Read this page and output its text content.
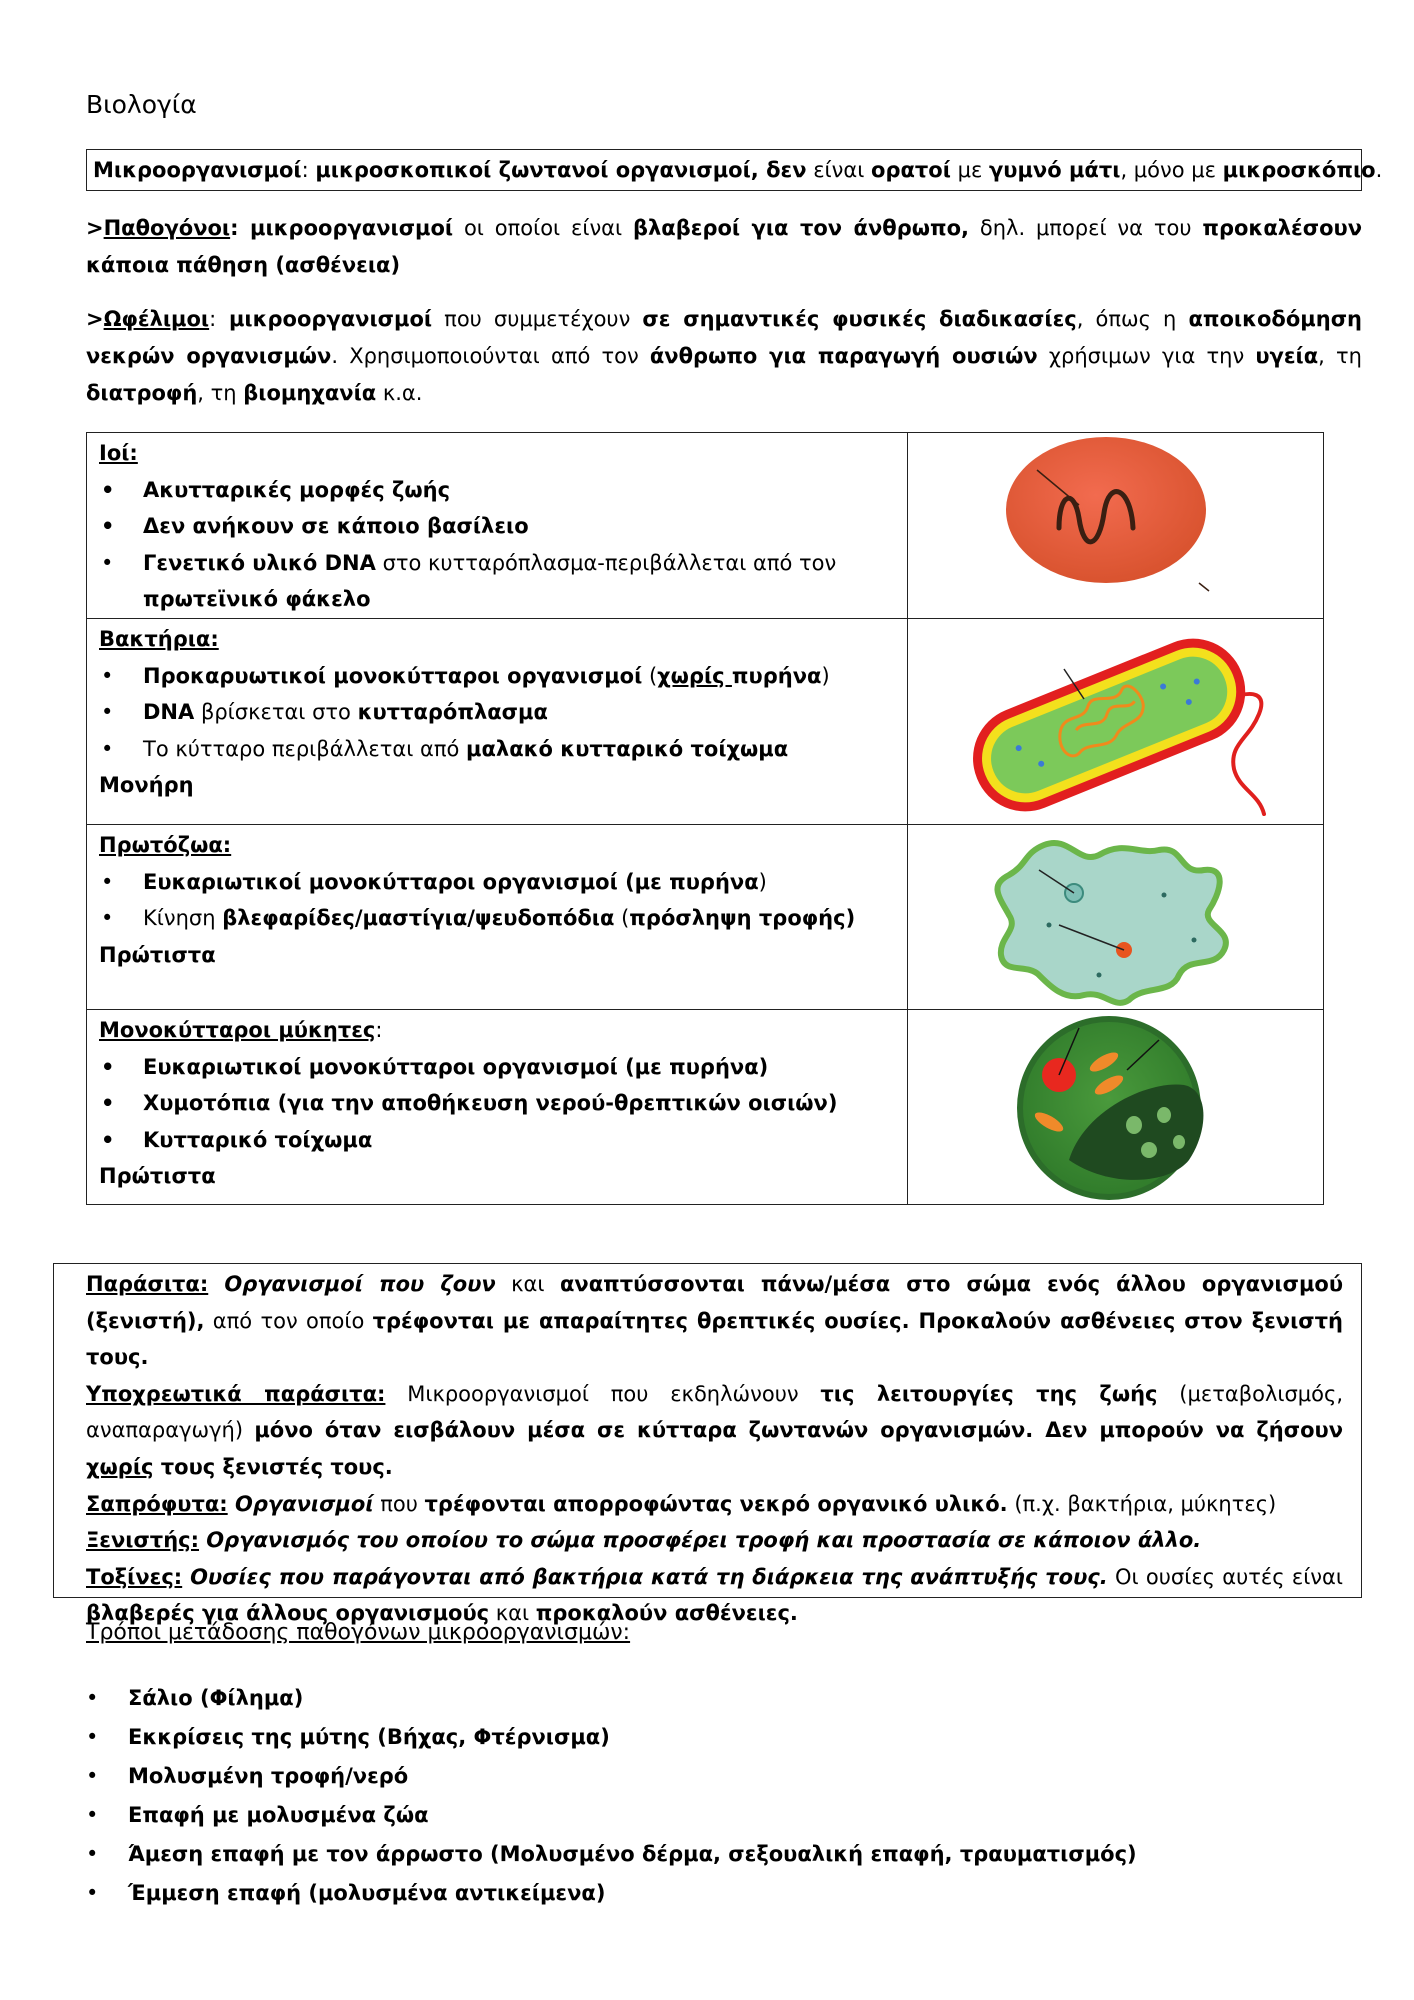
Βιολογία
Μικροοργανισμοί: μικροσκοπικοί ζωντανοί οργανισμοί, δεν είναι ορατοί με γυμνό μάτι, μόνο με μικροσκόπιο.
>Παθογόνοι: μικροοργανισμοί οι οποίοι είναι βλαβεροί για τον άνθρωπο, δηλ. μπορεί να του προκαλέσουν κάποια πάθηση (ασθένεια)
>Ωφέλιμοι: μικροοργανισμοί που συμμετέχουν σε σημαντικές φυσικές διαδικασίες, όπως η αποικοδόμηση νεκρών οργανισμών. Χρησιμοποιούνται από τον άνθρωπο για παραγωγή ουσιών χρήσιμων για την υγεία, τη διατροφή, τη βιομηχανία κ.α.
Ιοί:
• Ακυτταρικές μορφές ζωής
• Δεν ανήκουν σε κάποιο βασίλειο
• Γενετικό υλικό DNA στο κυτταρόπλασμα-περιβάλλεται από τον πρωτεϊνικό φάκελο
Βακτήρια:
• Προκαρυωτικοί μονοκύτταροι οργανισμοί (χωρίς πυρήνα)
• DNA βρίσκεται στο κυτταρόπλασμα
• Το κύτταρο περιβάλλεται από μαλακό κυτταρικό τοίχωμα
Μονήρη
Πρωτόζωα:
• Ευκαριωτικοί μονοκύτταροι οργανισμοί (με πυρήνα)
• Κίνηση βλεφαρίδες/μαστίγια/ψευδοπόδια (πρόσληψη τροφής)
Πρώτιστα
Μονοκύτταροι μύκητες:
• Ευκαριωτικοί μονοκύτταροι οργανισμοί (με πυρήνα)
• Χυμοτόπια (για την αποθήκευση νερού-θρεπτικών οισιών)
• Κυτταρικό τοίχωμα
Πρώτιστα

Παράσιτα: Οργανισμοί που ζουν και αναπτύσσονται πάνω/μέσα στο σώμα ενός άλλου οργανισμού (ξενιστή), από τον οποίο τρέφονται με απαραίτητες θρεπτικές ουσίες. Προκαλούν ασθένειες στον ξενιστή τους.

Υποχρεωτικά παράσιτα: Μικροοργανισμοί που εκδηλώνουν τις λειτουργίες της ζωής (μεταβολισμός, αναπαραγωγή) μόνο όταν εισβάλουν μέσα σε κύτταρα ζωντανών οργανισμών. Δεν μπορούν να ζήσουν χωρίς τους ξενιστές τους.

Σαπρόφυτα: Οργανισμοί που τρέφονται απορροφώντας νεκρό οργανικό υλικό. (π.χ. βακτήρια, μύκητες)

Ξενιστής: Οργανισμός του οποίου το σώμα προσφέρει τροφή και προστασία σε κάποιον άλλο.

Τοξίνες: Ουσίες που παράγονται από βακτήρια κατά τη διάρκεια της ανάπτυξής τους. Οι ουσίες αυτές είναι βλαβερές για άλλους οργανισμούς και προκαλούν ασθένειες.

Τρόποι μετάδοσης παθογόνων μικροοργανισμών:
• Σάλιο (Φίλημα)
• Εκκρίσεις της μύτης (Βήχας, Φτέρνισμα)
• Μολυσμένη τροφή/νερό
• Επαφή με μολυσμένα ζώα
• Άμεση επαφή με τον άρρωστο (Μολυσμένο δέρμα, σεξουαλική επαφή, τραυματισμός)
• Έμμεση επαφή (μολυσμένα αντικείμενα)
